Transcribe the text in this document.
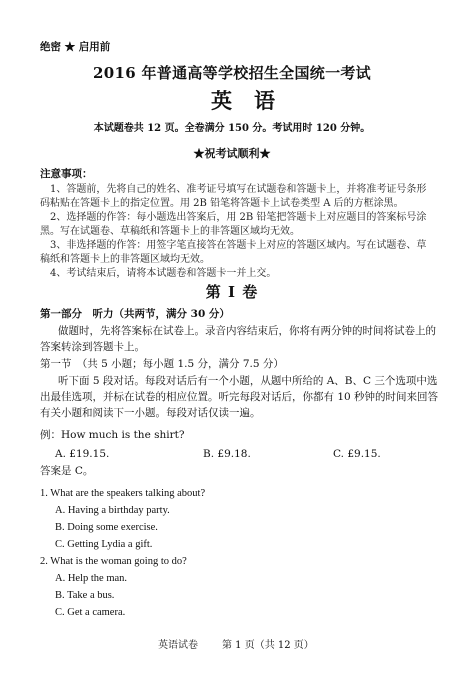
绝密 ★ 启用前
2016 年普通高等学校招生全国统一考试
英语
本试题卷共 12 页。全卷满分 150 分。考试用时 120 分钟。
★祝考试顺利★
注意事项：
1、答题前，先将自己的姓名、准考证号填写在试题卷和答题卡上，并将准考证号条形
码粘贴在答题卡上的指定位置。用 2B 铅笔将答题卡上试卷类型 A 后的方框涂黑。
2、选择题的作答：每小题选出答案后，用 2B 铅笔把答题卡上对应题目的答案标号涂
黑。写在试题卷、草稿纸和答题卡上的非答题区域均无效。
3、非选择题的作答：用签字笔直接答在答题卡上对应的答题区域内。写在试题卷、草
稿纸和答题卡上的非答题区域均无效。
4、考试结束后，请将本试题卷和答题卡一并上交。
第 I 卷
第一部分　听力（共两节，满分 30 分）
做题时，先将答案标在试卷上。录音内容结束后，你将有两分钟的时间将试卷上的
答案转涂到答题卡上。
第一节　（共 5 小题；每小题 1.5 分，满分 7.5 分）
听下面 5 段对话。每段对话后有一个小题，从题中所给的 A、B、C 三个选项中选
出最佳选项，并标在试卷的相应位置。听完每段对话后，你都有 10 秒钟的时间来回答
有关小题和阅读下一小题。每段对话仅读一遍。
例：How much is the shirt?
A. £19.15.	B. £9.18.	C. £9.15.
答案是 C。
1. What are the speakers talking about?
A. Having a birthday party.
B. Doing some exercise.
C. Getting Lydia a gift.
2. What is the woman going to do?
A. Help the man.
B. Take a bus.
C. Get a camera.
英语试卷 第 1 页（共 12 页）
